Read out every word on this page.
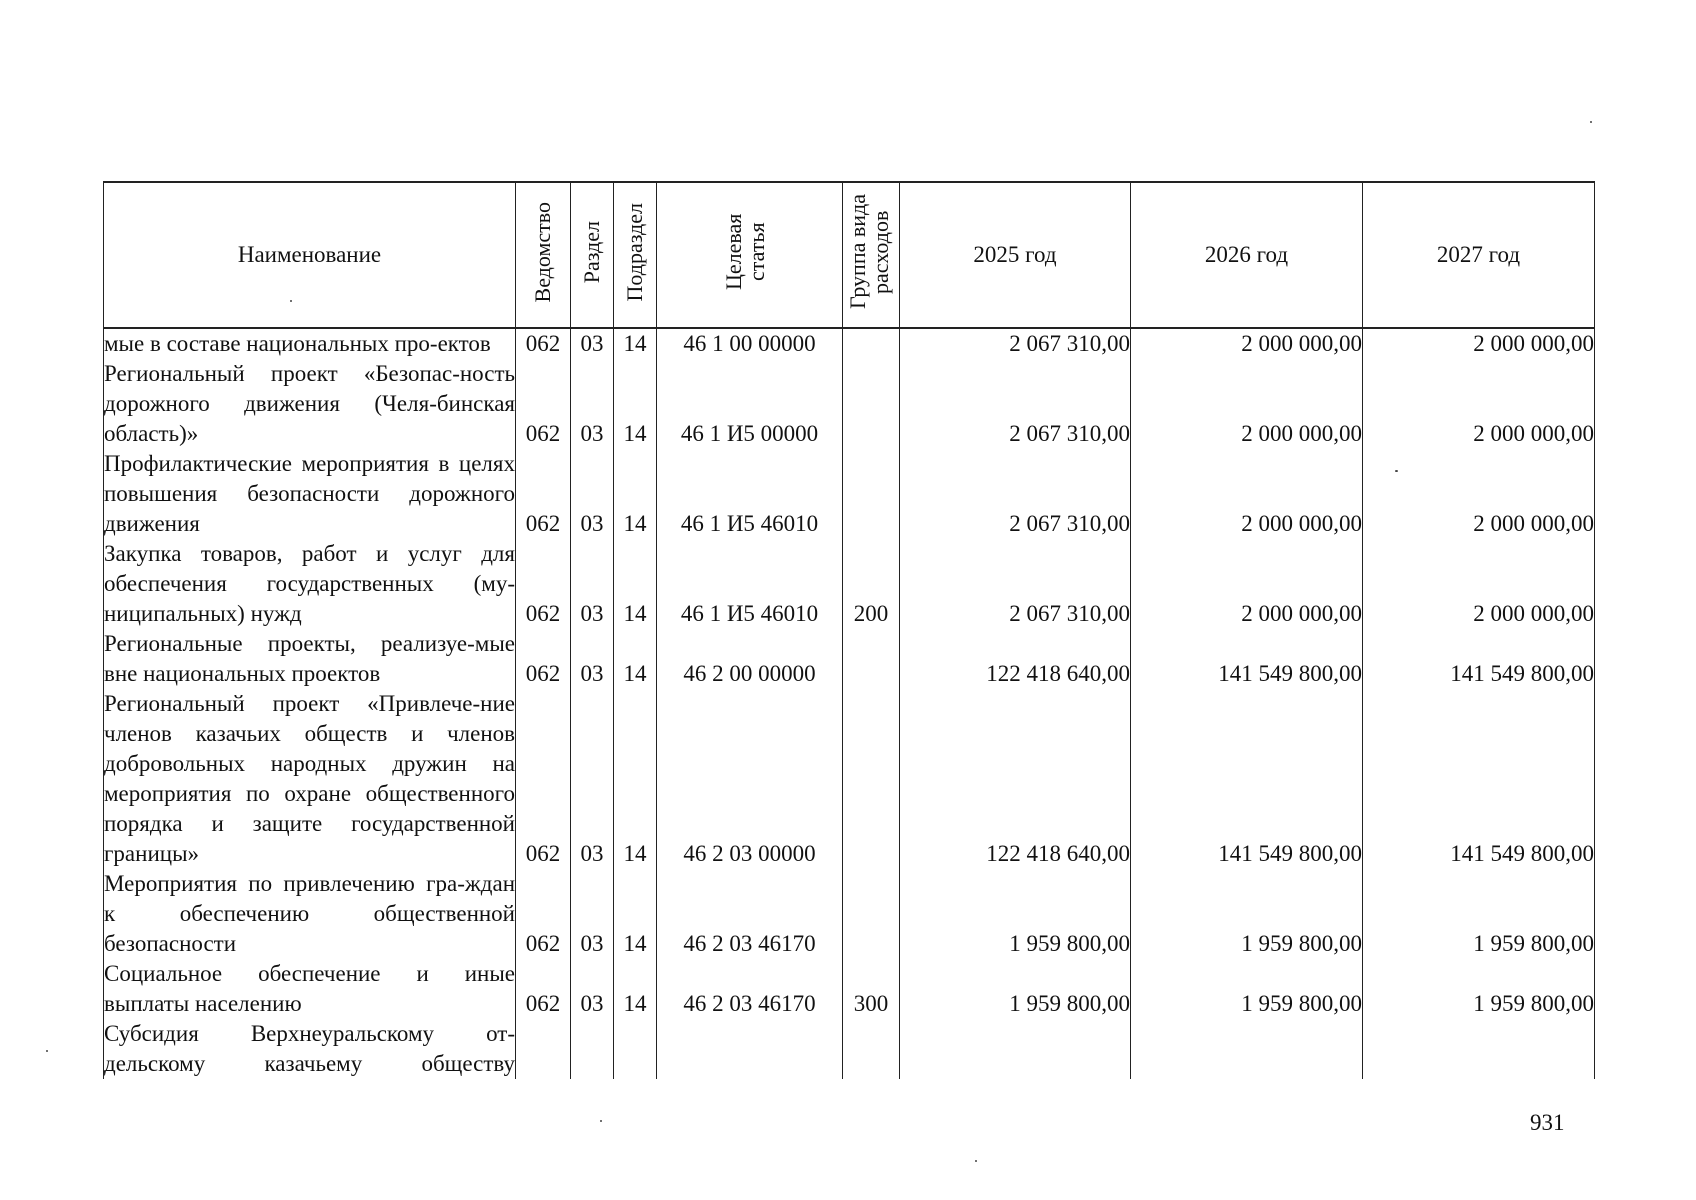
Наименование	Ведомство	Раздел	Подраздел	Целевая статья	Группа вида расходов	2025 год	2026 год	2027 год
мые в составе национальных про-ектов	062	03	14	46 1 00 00000		2 067 310,00	2 000 000,00	2 000 000,00
Региональный проект «Безопас-ность дорожного движения (Челя-бинская область)»	062	03	14	46 1 И5 00000		2 067 310,00	2 000 000,00	2 000 000,00
Профилактические мероприятия в целях повышения безопасности дорожного движения	062	03	14	46 1 И5 46010		2 067 310,00	2 000 000,00	2 000 000,00
Закупка товаров, работ и услуг для обеспечения государственных (му-ниципальных) нужд	062	03	14	46 1 И5 46010	200	2 067 310,00	2 000 000,00	2 000 000,00
Региональные проекты, реализуе-мые вне национальных проектов	062	03	14	46 2 00 00000		122 418 640,00	141 549 800,00	141 549 800,00
Региональный проект «Привлече-ние членов казачьих обществ и членов добровольных народных дружин на мероприятия по охране общественного порядка и защите государственной границы»	062	03	14	46 2 03 00000		122 418 640,00	141 549 800,00	141 549 800,00
Мероприятия по привлечению гра-ждан к обеспечению общественной безопасности	062	03	14	46 2 03 46170		1 959 800,00	1 959 800,00	1 959 800,00
Социальное обеспечение и иные выплаты населению	062	03	14	46 2 03 46170	300	1 959 800,00	1 959 800,00	1 959 800,00
Субсидия Верхнеуральскому от-дельскому казачьему обществу								
931
